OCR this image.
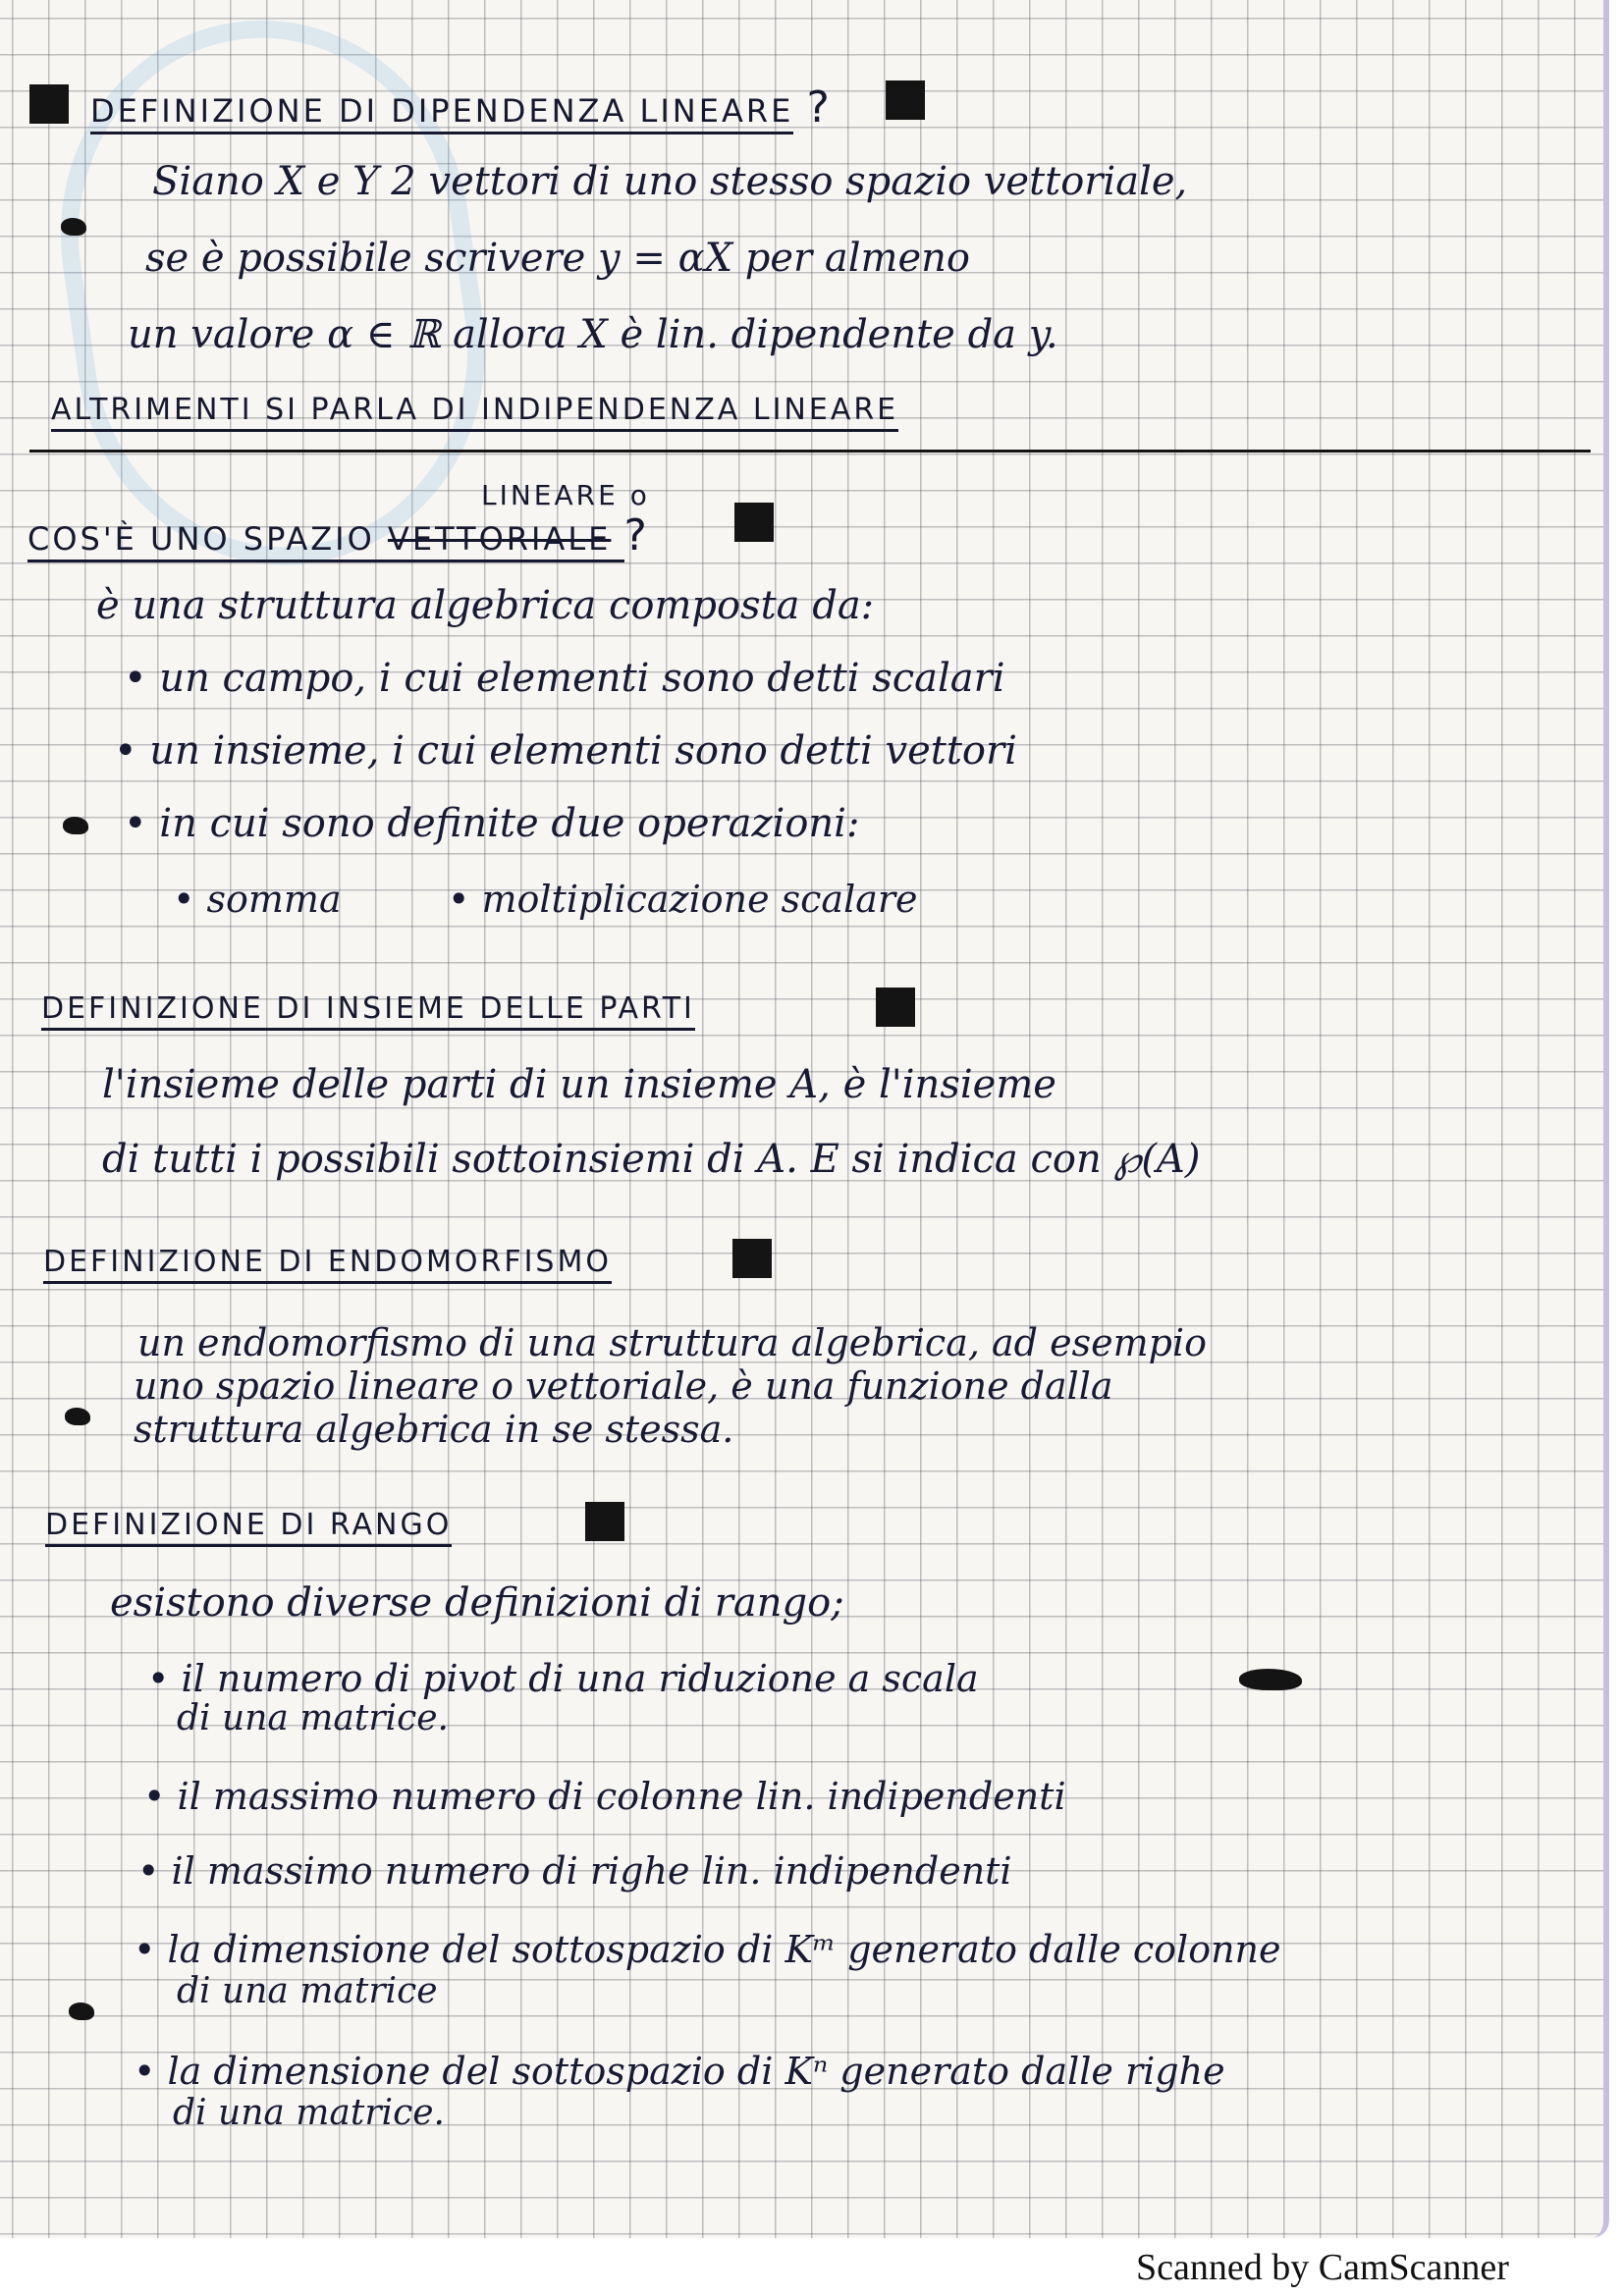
DEFINIZIONE DI DIPENDENZA LINEARE ?
Siano X e Y 2 vettori di uno stesso spazio vettoriale,
se è possibile scrivere y = αX per almeno
un valore α ∈ ℝ allora X è lin. dipendente da y.
ALTRIMENTI SI PARLA DI INDIPENDENZA LINEARE
LINEARE o
COS'È UNO SPAZIO VETTORIALE ?
è una struttura algebrica composta da:
• un campo, i cui elementi sono detti scalari
• un insieme, i cui elementi sono detti vettori
• in cui sono definite due operazioni:
• somma	• moltiplicazione scalare
DEFINIZIONE DI INSIEME DELLE PARTI
l'insieme delle parti di un insieme A, è l'insieme
di tutti i possibili sottoinsiemi di A. E si indica con ℘(A)
DEFINIZIONE DI ENDOMORFISMO
un endomorfismo di una struttura algebrica, ad esempio
uno spazio lineare o vettoriale, è una funzione dalla
struttura algebrica in se stessa.
DEFINIZIONE DI RANGO
esistono diverse definizioni di rango;
• il numero di pivot di una riduzione a scala
di una matrice.
• il massimo numero di colonne lin. indipendenti
• il massimo numero di righe lin. indipendenti
• la dimensione del sottospazio di Kᵐ generato dalle colonne
di una matrice
• la dimensione del sottospazio di Kⁿ generato dalle righe
di una matrice.
Scanned by CamScanner
